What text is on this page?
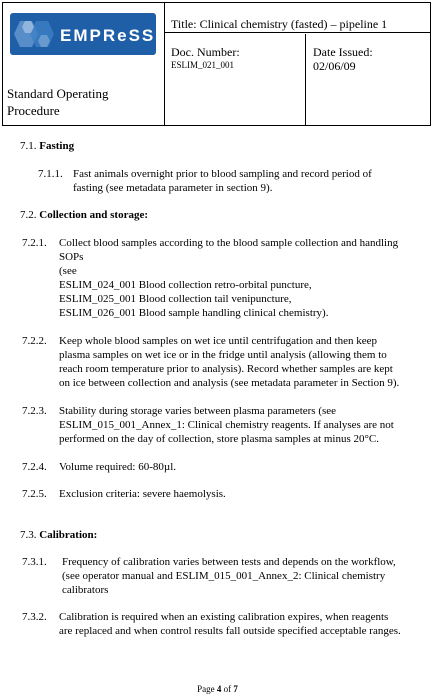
EMPReSS
Standard Operating
Procedure
Title: Clinical chemistry (fasted) – pipeline 1
Doc. Number:
ESLIM_021_001
Date Issued:
02/06/09
7.1. Fasting
7.1.1. Fast animals overnight prior to blood sampling and record period of
fasting (see metadata parameter in section 9).
7.2. Collection and storage:
7.2.1. Collect blood samples according to the blood sample collection and handling
SOPs
(see
ESLIM_024_001 Blood collection retro-orbital puncture,
ESLIM_025_001 Blood collection tail venipuncture,
ESLIM_026_001 Blood sample handling clinical chemistry).
7.2.2. Keep whole blood samples on wet ice until centrifugation and then keep
plasma samples on wet ice or in the fridge until analysis (allowing them to
reach room temperature prior to analysis). Record whether samples are kept
on ice between collection and analysis (see metadata parameter in Section 9).
7.2.3. Stability during storage varies between plasma parameters (see
ESLIM_015_001_Annex_1: Clinical chemistry reagents. If analyses are not
performed on the day of collection, store plasma samples at minus 20°C.
7.2.4. Volume required: 60-80µl.
7.2.5. Exclusion criteria: severe haemolysis.
7.3. Calibration:
7.3.1. Frequency of calibration varies between tests and depends on the workflow,
(see operator manual and ESLIM_015_001_Annex_2: Clinical chemistry
calibrators
7.3.2. Calibration is required when an existing calibration expires, when reagents
are replaced and when control results fall outside specified acceptable ranges.
Page 4 of 7
